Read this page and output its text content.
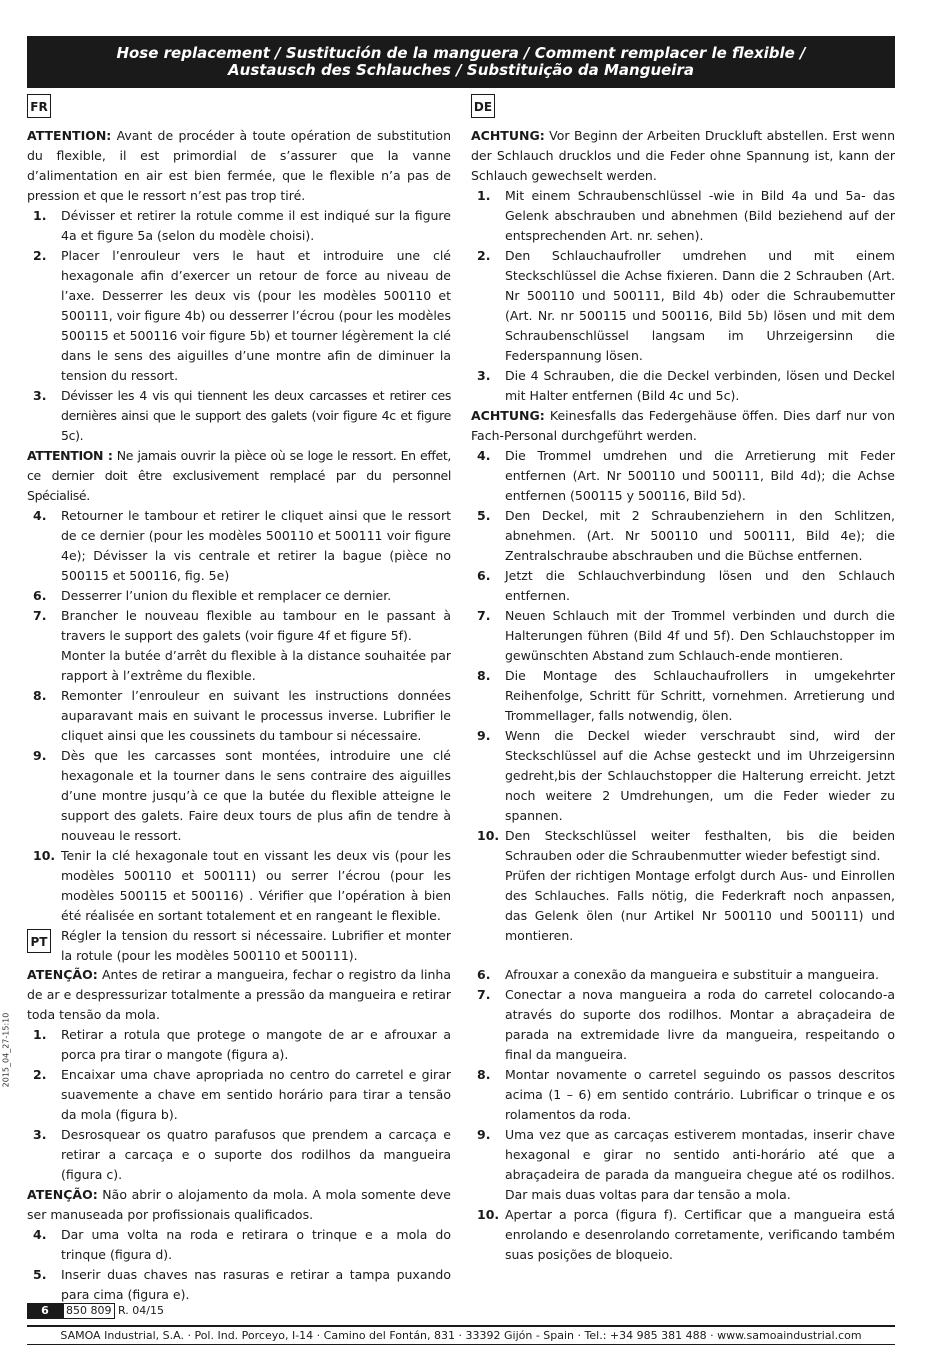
Hose replacement / Sustitución de la manguera / Comment remplacer le flexible /
Austausch des Schlauches / Substituição da Mangueira
FR	DE
PT

ATTENTION: Avant de procéder à toute opération de substitution du flexible, il est primordial de s’assurer que la vanne d’alimentation en air est bien fermée, que le flexible n’a pas de pression et que le ressort n’est pas trop tiré.

1.	Dévisser et retirer la rotule comme il est indiqué sur la figure 4a et figure 5a (selon du modèle choisi).
2.	Placer l’enrouleur vers le haut et introduire une clé hexagonale afin d’exercer un retour de force au niveau de l’axe. Desserrer les deux vis (pour les modèles 500110 et 500111, voir figure 4b) ou desserrer l’écrou (pour les modèles 500115 et 500116 voir figure 5b) et tourner légèrement la clé dans le sens des aiguilles d’une montre afin de diminuer la tension du ressort.
3.	Dévisser les 4 vis qui tiennent les deux carcasses et retirer ces dernières ainsi que le support des galets (voir figure 4c et figure 5c).

ATTENTION : Ne jamais ouvrir la pièce où se loge le ressort. En effet, ce dernier doit être exclusivement remplacé par du personnel Spécialisé.

4.	Retourner le tambour et retirer le cliquet ainsi que le ressort de ce dernier (pour les modèles 500110 et 500111 voir figure 4e); Dévisser la vis centrale et retirer la bague (pièce no 500115 et 500116, fig. 5e)
6.	Desserrer l’union du flexible et remplacer ce dernier.
7.	Brancher le nouveau flexible au tambour en le passant à travers le support des galets (voir figure 4f et figure 5f).

Monter la butée d’arrêt du flexible à la distance souhaitée par rapport à l’extrême du flexible.

8.	Remonter l’enrouleur en suivant les instructions données auparavant mais en suivant le processus inverse. Lubrifier le cliquet ainsi que les coussinets du tambour si nécessaire.
9.	Dès que les carcasses sont montées, introduire une clé hexagonale et la tourner dans le sens contraire des aiguilles d’une montre jusqu’à ce que la butée du flexible atteigne le support des galets. Faire deux tours de plus afin de tendre à nouveau le ressort.
10. Tenir la clé hexagonale tout en vissant les deux vis (pour les modèles 500110 et 500111) ou serrer l’écrou (pour les modèles 500115 et 500116) . Vérifier que l’opération à bien été réalisée en sortant totalement et en rangeant le flexible.

Régler la tension du ressort si nécessaire. Lubrifier et monter la rotule (pour les modèles 500110 et 500111).

ACHTUNG: Vor Beginn der Arbeiten Druckluft abstellen. Erst wenn der Schlauch drucklos und die Feder ohne Spannung ist, kann der Schlauch gewechselt werden.

1.	Mit einem Schraubenschlüssel -wie in Bild 4a und 5a- das Gelenk abschrauben und abnehmen (Bild beziehend auf der entsprechenden Art. nr. sehen).
2.	Den Schlauchaufroller umdrehen und mit einem Steckschlüssel die Achse fixieren. Dann die 2 Schrauben (Art. Nr 500110 und 500111, Bild 4b) oder die Schraubemutter (Art. Nr. nr 500115 und 500116, Bild 5b) lösen und mit dem Schraubenschlüssel langsam im Uhrzeigersinn die Federspannung lösen.
3.	Die 4 Schrauben, die die Deckel verbinden, lösen und Deckel mit Halter entfernen (Bild 4c und 5c).

ACHTUNG: Keinesfalls das Federgehäuse öffen. Dies darf nur von Fach-Personal durchgeführt werden.

4.	Die Trommel umdrehen und die Arretierung mit Feder entfernen (Art. Nr 500110 und 500111, Bild 4d); die Achse entfernen (500115 y 500116, Bild 5d).
5.	Den Deckel, mit 2 Schraubenziehern in den Schlitzen, abnehmen. (Art. Nr 500110 und 500111, Bild 4e); die Zentralschraube abschrauben und die Büchse entfernen.
6.	Jetzt die Schlauchverbindung lösen und den Schlauch entfernen.
7.	Neuen Schlauch mit der Trommel verbinden und durch die Halterungen führen (Bild 4f und 5f). Den Schlauchstopper im gewünschten Abstand zum Schlauch-ende montieren.
8.	Die Montage des Schlauchaufrollers in umgekehrter Reihenfolge, Schritt für Schritt, vornehmen. Arretierung und Trommellager, falls notwendig, ölen.
9.	Wenn die Deckel wieder verschraubt sind, wird der Steckschlüssel auf die Achse gesteckt und im Uhrzeigersinn gedreht,bis der Schlauchstopper die Halterung erreicht. Jetzt noch weitere 2 Umdrehungen, um die Feder wieder zu spannen.
10. Den Steckschlüssel weiter festhalten, bis die beiden Schrauben oder die Schraubenmutter wieder befestigt sind.

Prüfen der richtigen Montage erfolgt durch Aus- und Einrollen des Schlauches. Falls nötig, die Federkraft noch anpassen, das Gelenk ölen (nur Artikel Nr 500110 und 500111) und montieren.

ATENÇÃO: Antes de retirar a mangueira, fechar o registro da linha de ar e despressurizar totalmente a pressão da mangueira e retirar toda tensão da mola.

1.	Retirar a rotula que protege o mangote de ar e afrouxar a porca pra tirar o mangote (figura a).
2.	Encaixar uma chave apropriada no centro do carretel e girar suavemente a chave em sentido horário para tirar a tensão da mola (figura b).
3.	Desrosquear os quatro parafusos que prendem a carcaça e retirar a carcaça e o suporte dos rodilhos da mangueira (figura c).

ATENÇÃO: Não abrir o alojamento da mola. A mola somente deve ser manuseada por profissionais qualificados.

4.	Dar uma volta na roda e retirara o trinque e a mola do trinque (figura d).
5.	Inserir duas chaves nas rasuras e retirar a tampa puxando para cima (figura e).
6.	Afrouxar a conexão da mangueira e substituir a mangueira.
7.	Conectar a nova mangueira a roda do carretel colocando-a através do suporte dos rodilhos. Montar a abraçadeira de parada na extremidade livre da mangueira, respeitando o final da mangueira.
8.	Montar novamente o carretel seguindo os passos descritos acima (1 – 6) em sentido contrário. Lubrificar o trinque e os rolamentos da roda.
9.	Uma vez que as carcaças estiverem montadas, inserir chave hexagonal e girar no sentido anti-horário até que a abraçadeira de parada da mangueira chegue até os rodilhos. Dar mais duas voltas para dar tensão a mola.
10. Apertar a porca (figura f). Certificar que a mangueira está enrolando e desenrolando corretamente, verificando também suas posições de bloqueio.
2015_04_27-15:10
6	850 809 R. 04/15
SAMOA Industrial, S.A. · Pol. Ind. Porceyo, I-14 · Camino del Fontán, 831 · 33392 Gijón - Spain · Tel.: +34 985 381 488 · www.samoaindustrial.com
